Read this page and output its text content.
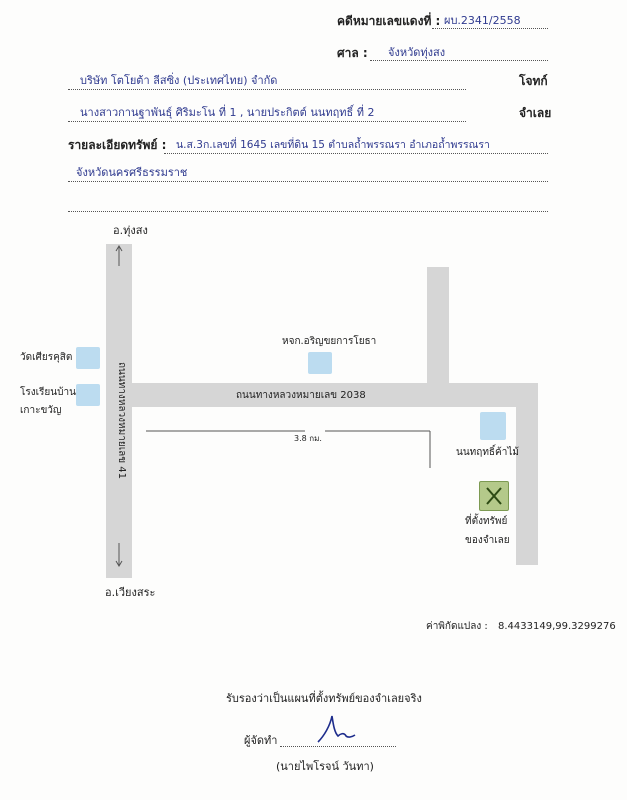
คดีหมายเลขแดงที่ : ผบ.2341/2558
ศาล : จังหวัดทุ่งสง
บริษัท โตโยต้า ลีสซิ่ง (ประเทศไทย) จำกัด	โจทก์
นางสาวกานฐาพันธุ์ ศิริมะโน ที่ 1 , นายประกิตต์ นนทฤทธิ์ ที่ 2	จำเลย
รายละเอียดทรัพย์ : น.ส.3ก.เลขที่ 1645 เลขที่ดิน 15 ตำบลถ้ำพรรณรา อำเภอถ้ำพรรณรา
จังหวัดนครศรีธรรมราช
อ.ทุ่งสง
อ.เวียงสระ
ถนนทางหลวงหมายเลข 41	ถนนทางหลวงหมายเลข 2038
3.8 กม.
วัดเศียรคุสิต
โรงเรียนบ้าน
เกาะขวัญ
หจก.อริญขยการโยธา
นนทฤทธิ์ค้าไม้
ที่ตั้งทรัพย์
ของจำเลย
ค่าพิกัดแปลง : 8.4433149,99.3299276
รับรองว่าเป็นแผนที่ตั้งทรัพย์ของจำเลยจริง
ผู้จัดทำ
(นายไพโรจน์ วันทา)
